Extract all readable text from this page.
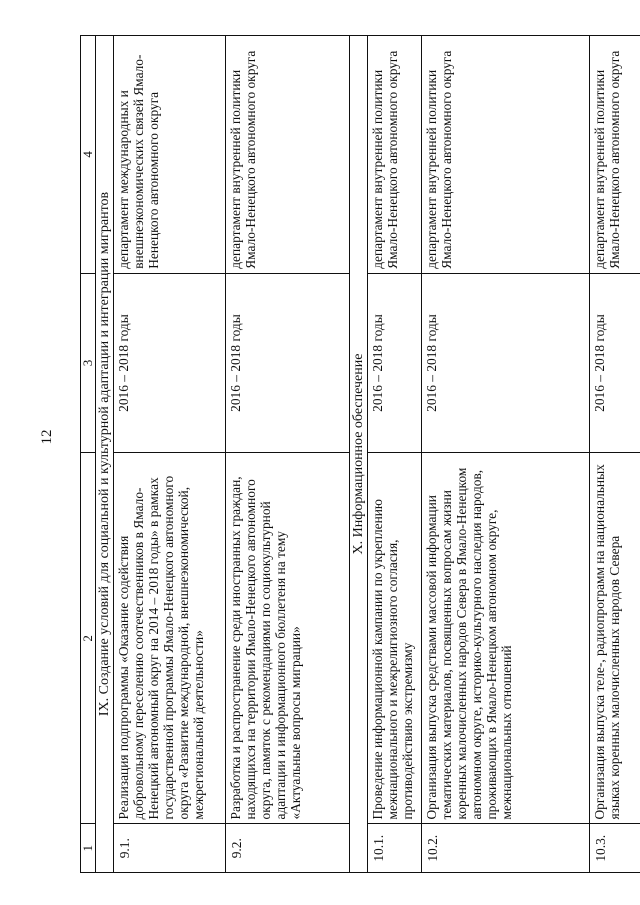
12
1	2	3	4
IX. Создание условий для социальной и культурной адаптации и интеграции мигрантов			
9.1.	Реализация подпрограммы «Оказание содействия добровольному переселению соотечественников в Ямало-Ненецкий автономный округ на 2014 – 2018 годы» в рамках государственной программы Ямало-Ненецкого автономного округа «Развитие международной, внешнеэкономической, межрегиональной деятельности»	2016 – 2018 годы	департамент международных и внешнеэкономических связей Ямало-Ненецкого автономного округа
9.2.	Разработка и распространение среди иностранных граждан, находящихся на территории Ямало-Ненецкого автономного округа, памяток с рекомендациями по социокультурной адаптации и информационного бюллетеня на тему «Актуальные вопросы миграции»	2016 – 2018 годы	департамент внутренней политики Ямало-Ненецкого автономного округа
X. Информационное обеспечение			
10.1.	Проведение информационной кампании по укреплению межнационального и межрелигиозного согласия, противодействию экстремизму	2016 – 2018 годы	департамент внутренней политики Ямало-Ненецкого автономного округа
10.2.	Организация выпуска средствами массовой информации тематических материалов, посвященных вопросам жизни коренных малочисленных народов Севера в Ямало-Ненецком автономном округе, историко-культурного наследия народов, проживающих в Ямало-Ненецком автономном округе, межнациональных отношений	2016 – 2018 годы	департамент внутренней политики Ямало-Ненецкого автономного округа
10.3.	Организация выпуска теле-, радиопрограмм на национальных языках коренных малочисленных народов Севера	2016 – 2018 годы	департамент внутренней политики Ямало-Ненецкого автономного округа
